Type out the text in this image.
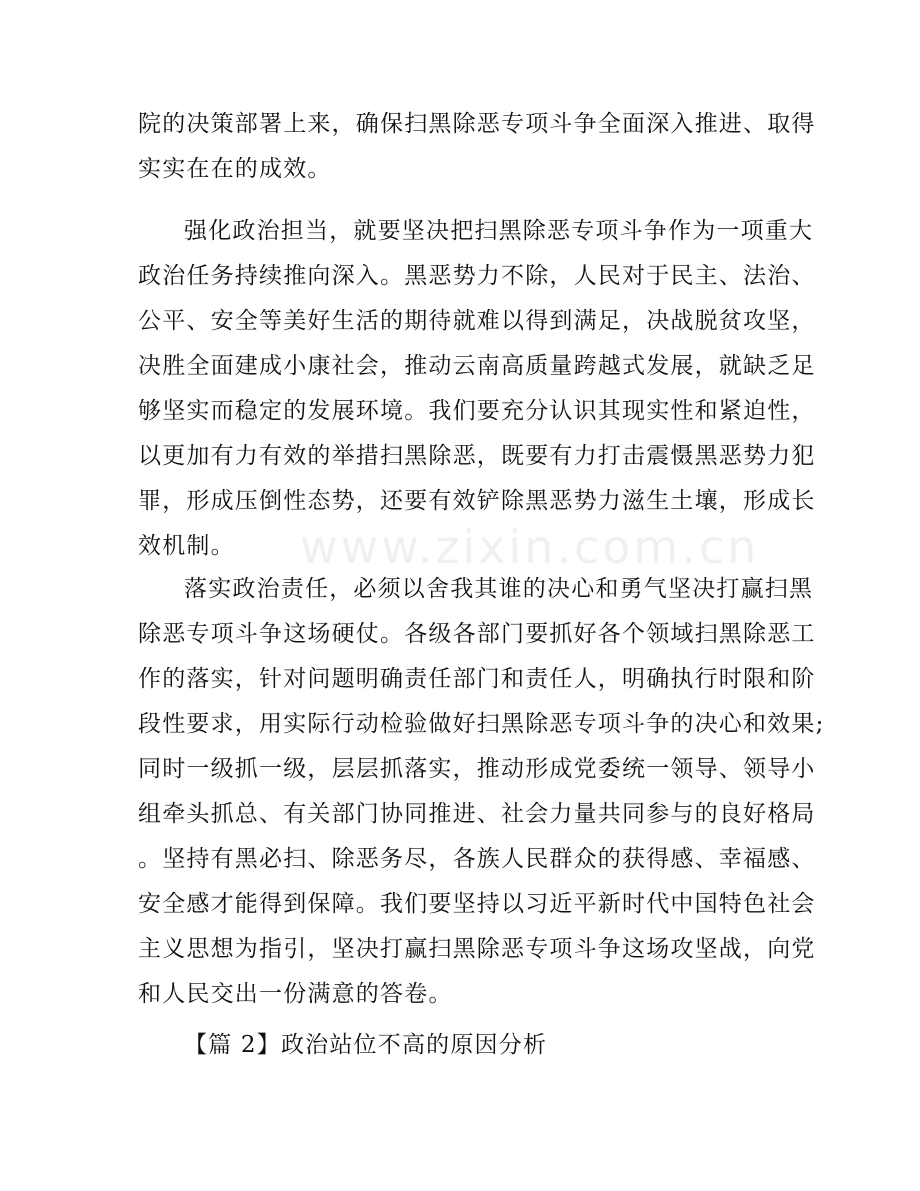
www.zixin.com.cn
院的决策部署上来，确保扫黑除恶专项斗争全面深入推进、取得
实实在在的成效。
强化政治担当，就要坚决把扫黑除恶专项斗争作为一项重大
政治任务持续推向深入。黑恶势力不除，人民对于民主、法治、
公平、安全等美好生活的期待就难以得到满足，决战脱贫攻坚，
决胜全面建成小康社会，推动云南高质量跨越式发展，就缺乏足
够坚实而稳定的发展环境。我们要充分认识其现实性和紧迫性，
以更加有力有效的举措扫黑除恶，既要有力打击震慑黑恶势力犯
罪，形成压倒性态势，还要有效铲除黑恶势力滋生土壤，形成长
效机制。
落实政治责任，必须以舍我其谁的决心和勇气坚决打赢扫黑
除恶专项斗争这场硬仗。各级各部门要抓好各个领域扫黑除恶工
作的落实，针对问题明确责任部门和责任人，明确执行时限和阶
段性要求，用实际行动检验做好扫黑除恶专项斗争的决心和效果;
同时一级抓一级，层层抓落实，推动形成党委统一领导、领导小
组牵头抓总、有关部门协同推进、社会力量共同参与的良好格局
。坚持有黑必扫、除恶务尽，各族人民群众的获得感、幸福感、
安全感才能得到保障。我们要坚持以习近平新时代中国特色社会
主义思想为指引，坚决打赢扫黑除恶专项斗争这场攻坚战，向党
和人民交出一份满意的答卷。
【篇 2】政治站位不高的原因分析
